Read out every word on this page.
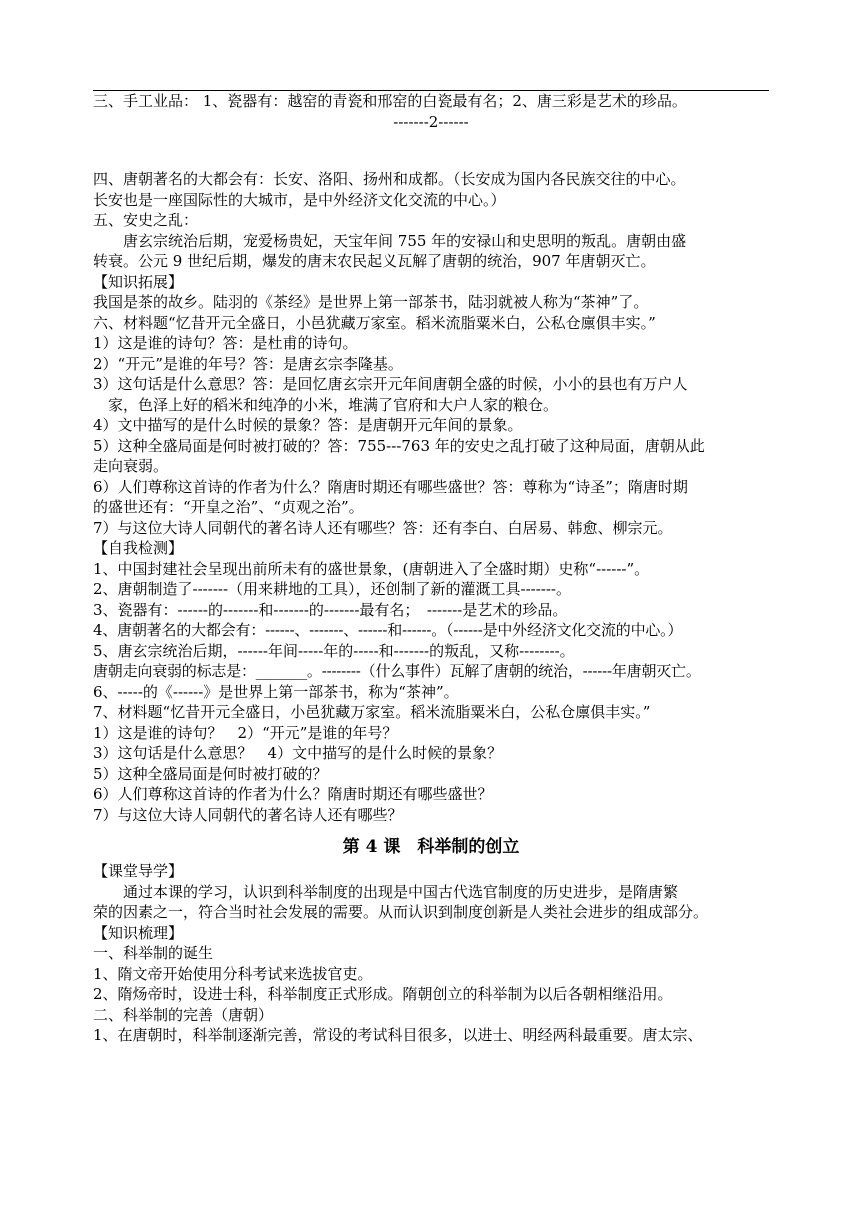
三、手工业品： 1、瓷器有：越窑的青瓷和邢窑的白瓷最有名；2、唐三彩是艺术的珍品。

-------2------

四、唐朝著名的大都会有：长安、洛阳、扬州和成都。（长安成为国内各民族交往的中心。

长安也是一座国际性的大城市，是中外经济文化交流的中心。）

五、安史之乱：

唐玄宗统治后期，宠爱杨贵妃，天宝年间 755 年的安禄山和史思明的叛乱。唐朝由盛

转衰。公元 9 世纪后期，爆发的唐末农民起义瓦解了唐朝的统治，907 年唐朝灭亡。

【知识拓展】

我国是茶的故乡。陆羽的《茶经》是世界上第一部茶书，陆羽就被人称为“茶神”了。

六、材料题“忆昔开元全盛日，小邑犹藏万家室。稻米流脂粟米白，公私仓廪俱丰实。”

1）这是谁的诗句？答：是杜甫的诗句。

2）“开元”是谁的年号？答：是唐玄宗李隆基。

3）这句话是什么意思？答：是回忆唐玄宗开元年间唐朝全盛的时候，小小的县也有万户人

家，色泽上好的稻米和纯净的小米，堆满了官府和大户人家的粮仓。

4）文中描写的是什么时候的景象？答：是唐朝开元年间的景象。

5）这种全盛局面是何时被打破的？答：755---763 年的安史之乱打破了这种局面，唐朝从此

走向衰弱。

6）人们尊称这首诗的作者为什么？隋唐时期还有哪些盛世？答：尊称为“诗圣”；隋唐时期

的盛世还有：“开皇之治”、“贞观之治”。

7）与这位大诗人同朝代的著名诗人还有哪些？答：还有李白、白居易、韩愈、柳宗元。

【自我检测】

1、中国封建社会呈现出前所未有的盛世景象，(唐朝进入了全盛时期）史称“------”。

2、唐朝制造了-------（用来耕地的工具），还创制了新的灌溉工具-------。

3、瓷器有：------的-------和-------的-------最有名；　-------是艺术的珍品。

4、唐朝著名的大都会有：------、-------、------和------。（------是中外经济文化交流的中心。）

5、唐玄宗统治后期，------年间-----年的-----和-------的叛乱，又称--------。

唐朝走向衰弱的标志是：_______。--------（什么事件）瓦解了唐朝的统治，------年唐朝灭亡。

6、-----的《------》是世界上第一部茶书，称为“茶神”。

7、材料题“忆昔开元全盛日，小邑犹藏万家室。稻米流脂粟米白，公私仓廪俱丰实。”

1）这是谁的诗句？　2）“开元”是谁的年号？

3）这句话是什么意思？　4）文中描写的是什么时候的景象？

5）这种全盛局面是何时被打破的？

6）人们尊称这首诗的作者为什么？隋唐时期还有哪些盛世？

7）与这位大诗人同朝代的著名诗人还有哪些？

第 4 课　科举制的创立

【课堂导学】

通过本课的学习，认识到科举制度的出现是中国古代选官制度的历史进步，是隋唐繁

荣的因素之一，符合当时社会发展的需要。从而认识到制度创新是人类社会进步的组成部分。

【知识梳理】

一、科举制的诞生

1、隋文帝开始使用分科考试来选拔官吏。

2、隋炀帝时，设进士科，科举制度正式形成。隋朝创立的科举制为以后各朝相继沿用。

二、科举制的完善（唐朝）

1、在唐朝时，科举制逐渐完善，常设的考试科目很多，以进士、明经两科最重要。唐太宗、
